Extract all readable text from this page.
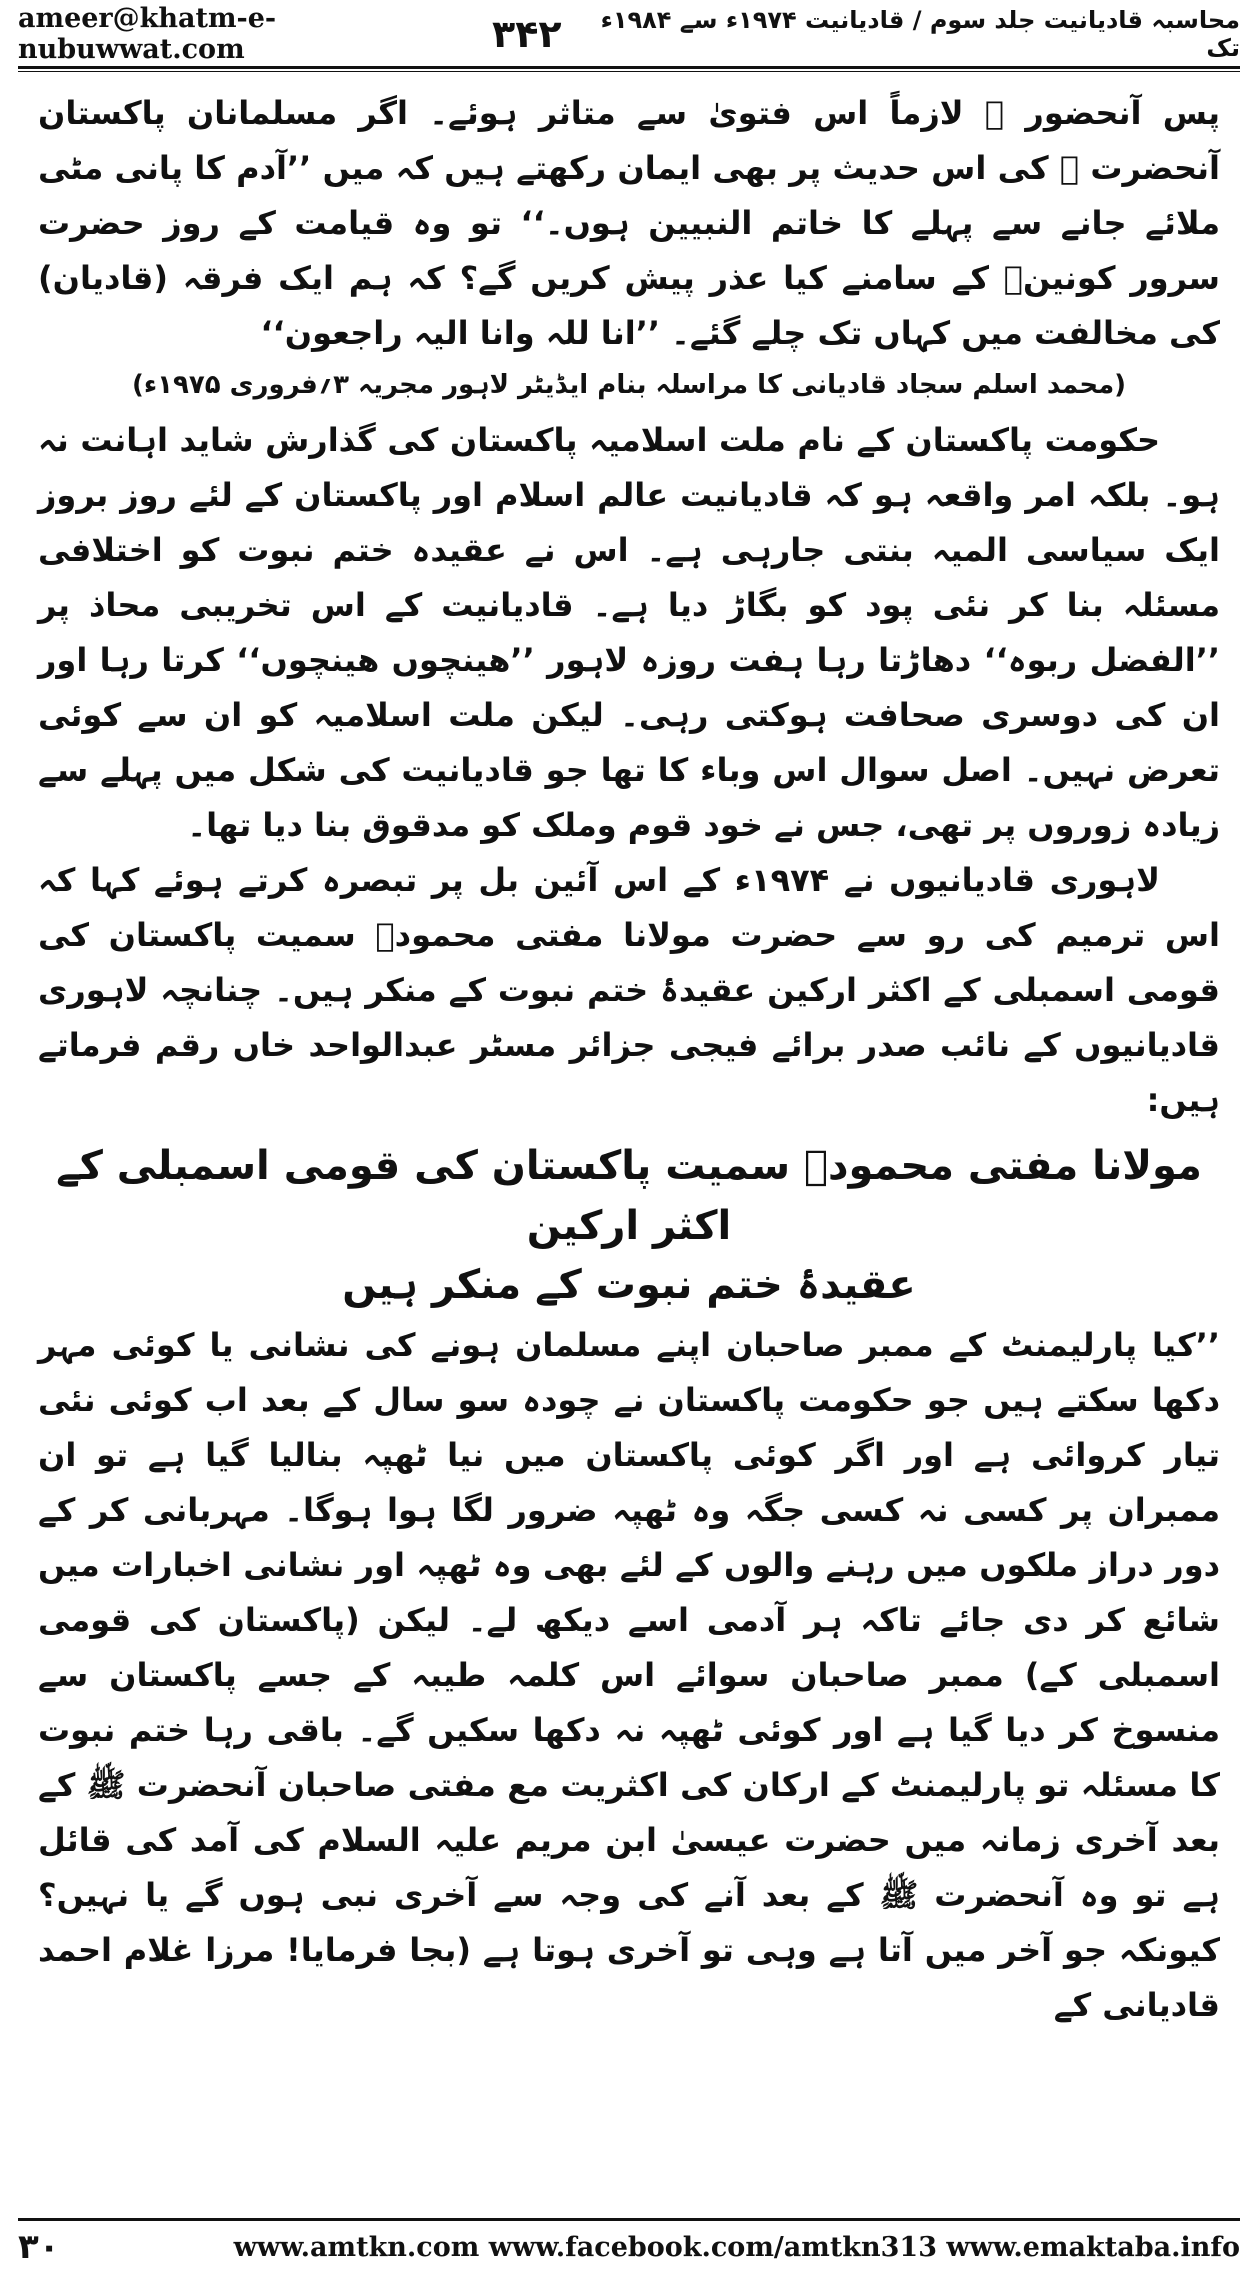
ameer@khatm-e-nubuwwat.com
محاسبہ قادیانیت جلد سوم / قادیانیت ۱۹۷۴ء سے ۱۹۸۴ء تک
۳۴۲

پس آنحضور ﷺ لازماً اس فتویٰ سے متاثر ہوئے۔ اگر مسلمانان پاکستان آنحضرت ﷺ کی اس حدیث پر بھی ایمان رکھتے ہیں کہ میں ’’آدم کا پانی مٹی ملائے جانے سے پہلے کا خاتم النبیین ہوں۔‘‘ تو وہ قیامت کے روز حضرت سرور کونینؐ کے سامنے کیا عذر پیش کریں گے؟ کہ ہم ایک فرقہ (قادیان) کی مخالفت میں کہاں تک چلے گئے۔ ’’انا للہ وانا الیہ راجعون‘‘

(محمد اسلم سجاد قادیانی کا مراسلہ بنام ایڈیٹر لاہور مجریہ ۳؍فروری ۱۹۷۵ء)

حکومت پاکستان کے نام ملت اسلامیہ پاکستان کی گذارش شاید اہانت نہ ہو۔ بلکہ امر واقعہ ہو کہ قادیانیت عالم اسلام اور پاکستان کے لئے روز بروز ایک سیاسی المیہ بنتی جارہی ہے۔ اس نے عقیدہ ختم نبوت کو اختلافی مسئلہ بنا کر نئی پود کو بگاڑ دیا ہے۔ قادیانیت کے اس تخریبی محاذ پر ’’الفضل ربوہ‘‘ دھاڑتا رہا ہفت روزہ لاہور ’’ھینچوں ھینچوں‘‘ کرتا رہا اور ان کی دوسری صحافت ہوکتی رہی۔ لیکن ملت اسلامیہ کو ان سے کوئی تعرض نہیں۔ اصل سوال اس وباء کا تھا جو قادیانیت کی شکل میں پہلے سے زیادہ زوروں پر تھی، جس نے خود قوم وملک کو مدقوق بنا دیا تھا۔

لاہوری قادیانیوں نے ۱۹۷۴ء کے اس آئین بل پر تبصرہ کرتے ہوئے کہا کہ اس ترمیم کی رو سے حضرت مولانا مفتی محمودؒ سمیت پاکستان کی قومی اسمبلی کے اکثر ارکین عقیدۂ ختم نبوت کے منکر ہیں۔ چنانچہ لاہوری قادیانیوں کے نائب صدر برائے فیجی جزائر مسٹر عبدالواحد خاں رقم فرماتے ہیں:

مولانا مفتی محمودؒ سمیت پاکستان کی قومی اسمبلی کے اکثر ارکین

عقیدۂ ختم نبوت کے منکر ہیں

’’کیا پارلیمنٹ کے ممبر صاحبان اپنے مسلمان ہونے کی نشانی یا کوئی مہر دکھا سکتے ہیں جو حکومت پاکستان نے چودہ سو سال کے بعد اب کوئی نئی تیار کروائی ہے اور اگر کوئی پاکستان میں نیا ٹھپہ بنالیا گیا ہے تو ان ممبران پر کسی نہ کسی جگہ وہ ٹھپہ ضرور لگا ہوا ہوگا۔ مہربانی کر کے دور دراز ملکوں میں رہنے والوں کے لئے بھی وہ ٹھپہ اور نشانی اخبارات میں شائع کر دی جائے تاکہ ہر آدمی اسے دیکھ لے۔ لیکن (پاکستان کی قومی اسمبلی کے) ممبر صاحبان سوائے اس کلمہ طیبہ کے جسے پاکستان سے منسوخ کر دیا گیا ہے اور کوئی ٹھپہ نہ دکھا سکیں گے۔ باقی رہا ختم نبوت کا مسئلہ تو پارلیمنٹ کے ارکان کی اکثریت مع مفتی صاحبان آنحضرت ﷺ کے بعد آخری زمانہ میں حضرت عیسیٰ ابن مریم علیہ السلام کی آمد کی قائل ہے تو وہ آنحضرت ﷺ کے بعد آنے کی وجہ سے آخری نبی ہوں گے یا نہیں؟ کیونکہ جو آخر میں آتا ہے وہی تو آخری ہوتا ہے (بجا فرمایا! مرزا غلام احمد قادیانی کے

۳۰	www.amtkn.com www.facebook.com/amtkn313 www.emaktaba.info
